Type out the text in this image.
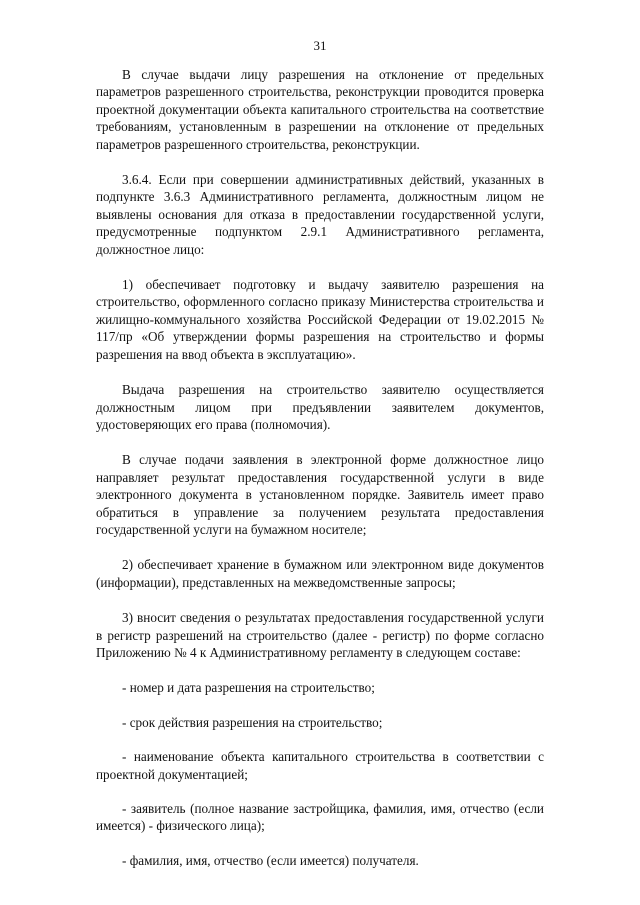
31

В случае выдачи лицу разрешения на отклонение от предельных параметров разрешенного строительства, реконструкции проводится проверка проектной документации объекта капитального строительства на соответствие требованиям, установленным в разрешении на отклонение от предельных параметров разрешенного строительства, реконструкции.

3.6.4. Если при совершении административных действий, указанных в подпункте 3.6.3 Административного регламента, должностным лицом не выявлены основания для отказа в предоставлении государственной услуги, предусмотренные подпунктом 2.9.1 Административного регламента, должностное лицо:

1) обеспечивает подготовку и выдачу заявителю разрешения на строительство, оформленного согласно приказу Министерства строительства и жилищно-коммунального хозяйства Российской Федерации от 19.02.2015 № 117/пр «Об утверждении формы разрешения на строительство и формы разрешения на ввод объекта в эксплуатацию».

Выдача разрешения на строительство заявителю осуществляется должностным лицом при предъявлении заявителем документов, удостоверяющих его права (полномочия).

В случае подачи заявления в электронной форме должностное лицо направляет результат предоставления государственной услуги в виде электронного документа в установленном порядке. Заявитель имеет право обратиться в управление за получением результата предоставления государственной услуги на бумажном носителе;

2) обеспечивает хранение в бумажном или электронном виде документов (информации), представленных на межведомственные запросы;

3) вносит сведения о результатах предоставления государственной услуги в регистр разрешений на строительство (далее - регистр) по форме согласно Приложению № 4 к Административному регламенту в следующем составе:

- номер и дата разрешения на строительство;

- срок действия разрешения на строительство;

- наименование объекта капитального строительства в соответствии с проектной документацией;

- заявитель (полное название застройщика, фамилия, имя, отчество (если имеется) - физического лица);

- фамилия, имя, отчество (если имеется) получателя.
